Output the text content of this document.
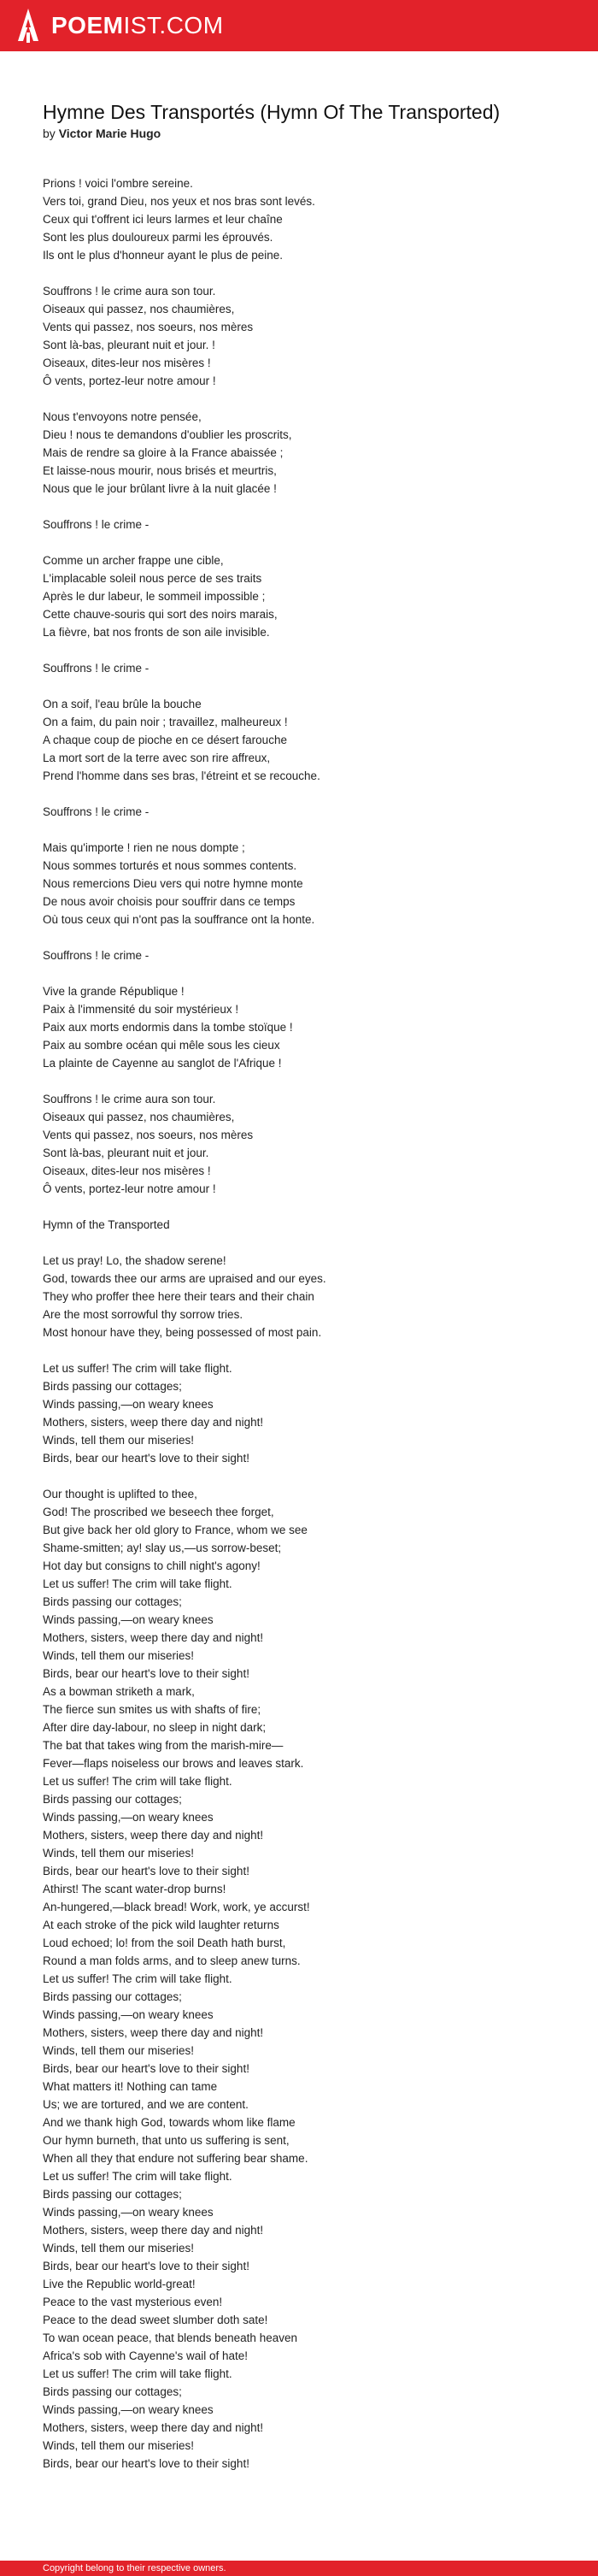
POEMIST.COM
Hymne Des Transportés (Hymn Of The Transported)
by Victor Marie Hugo
Prions ! voici l'ombre sereine.
Vers toi, grand Dieu, nos yeux et nos bras sont levés.
Ceux qui t'offrent ici leurs larmes et leur chaîne
Sont les plus douloureux parmi les éprouvés.
Ils ont le plus d'honneur ayant le plus de peine.
Souffrons ! le crime aura son tour.
Oiseaux qui passez, nos chaumières,
Vents qui passez, nos soeurs, nos mères
Sont là-bas, pleurant nuit et jour. !
Oiseaux, dites-leur nos misères !
Ô vents, portez-leur notre amour !
Nous t'envoyons notre pensée,
Dieu ! nous te demandons d'oublier les proscrits,
Mais de rendre sa gloire à la France abaissée ;
Et laisse-nous mourir, nous brisés et meurtris,
Nous que le jour brûlant livre à la nuit glacée !
Souffrons ! le crime -
Comme un archer frappe une cible,
L'implacable soleil nous perce de ses traits
Après le dur labeur, le sommeil impossible ;
Cette chauve-souris qui sort des noirs marais,
La fièvre, bat nos fronts de son aile invisible.
Souffrons ! le crime -
On a soif, l'eau brûle la bouche
On a faim, du pain noir ; travaillez, malheureux !
A chaque coup de pioche en ce désert farouche
La mort sort de la terre avec son rire affreux,
Prend l'homme dans ses bras, l'étreint et se recouche.
Souffrons ! le crime -
Mais qu'importe ! rien ne nous dompte ;
Nous sommes torturés et nous sommes contents.
Nous remercions Dieu vers qui notre hymne monte
De nous avoir choisis pour souffrir dans ce temps
Où tous ceux qui n'ont pas la souffrance ont la honte.
Souffrons ! le crime -
Vive la grande République !
Paix à l'immensité du soir mystérieux !
Paix aux morts endormis dans la tombe stoïque !
Paix au sombre océan qui mêle sous les cieux
La plainte de Cayenne au sanglot de l'Afrique !
Souffrons ! le crime aura son tour.
Oiseaux qui passez, nos chaumières,
Vents qui passez, nos soeurs, nos mères
Sont là-bas, pleurant nuit et jour.
Oiseaux, dites-leur nos misères !
Ô vents, portez-leur notre amour !
Hymn of the Transported
Let us pray! Lo, the shadow serene!
God, towards thee our arms are upraised and our eyes.
They who proffer thee here their tears and their chain
Are the most sorrowful thy sorrow tries.
Most honour have they, being possessed of most pain.
Let us suffer! The crim will take flight.
Birds passing our cottages;
Winds passing,—on weary knees
Mothers, sisters, weep there day and night!
Winds, tell them our miseries!
Birds, bear our heart's love to their sight!
Our thought is uplifted to thee,
God! The proscribed we beseech thee forget,
But give back her old glory to France, whom we see
Shame-smitten; ay! slay us,—us sorrow-beset;
Hot day but consigns to chill night's agony!
Let us suffer! The crim will take flight.
Birds passing our cottages;
Winds passing,—on weary knees
Mothers, sisters, weep there day and night!
Winds, tell them our miseries!
Birds, bear our heart's love to their sight!
As a bowman striketh a mark,
The fierce sun smites us with shafts of fire;
After dire day-labour, no sleep in night dark;
The bat that takes wing from the marish-mire—
Fever—flaps noiseless our brows and leaves stark.
Let us suffer! The crim will take flight.
Birds passing our cottages;
Winds passing,—on weary knees
Mothers, sisters, weep there day and night!
Winds, tell them our miseries!
Birds, bear our heart's love to their sight!
Athirst! The scant water-drop burns!
An-hungered,—black bread! Work, work, ye accurst!
At each stroke of the pick wild laughter returns
Loud echoed; lo! from the soil Death hath burst,
Round a man folds arms, and to sleep anew turns.
Let us suffer! The crim will take flight.
Birds passing our cottages;
Winds passing,—on weary knees
Mothers, sisters, weep there day and night!
Winds, tell them our miseries!
Birds, bear our heart's love to their sight!
What matters it! Nothing can tame
Us; we are tortured, and we are content.
And we thank high God, towards whom like flame
Our hymn burneth, that unto us suffering is sent,
When all they that endure not suffering bear shame.
Let us suffer! The crim will take flight.
Birds passing our cottages;
Winds passing,—on weary knees
Mothers, sisters, weep there day and night!
Winds, tell them our miseries!
Birds, bear our heart's love to their sight!
Live the Republic world-great!
Peace to the vast mysterious even!
Peace to the dead sweet slumber doth sate!
To wan ocean peace, that blends beneath heaven
Africa's sob with Cayenne's wail of hate!
Let us suffer! The crim will take flight.
Birds passing our cottages;
Winds passing,—on weary knees
Mothers, sisters, weep there day and night!
Winds, tell them our miseries!
Birds, bear our heart's love to their sight!
Copyright belong to their respective owners.
